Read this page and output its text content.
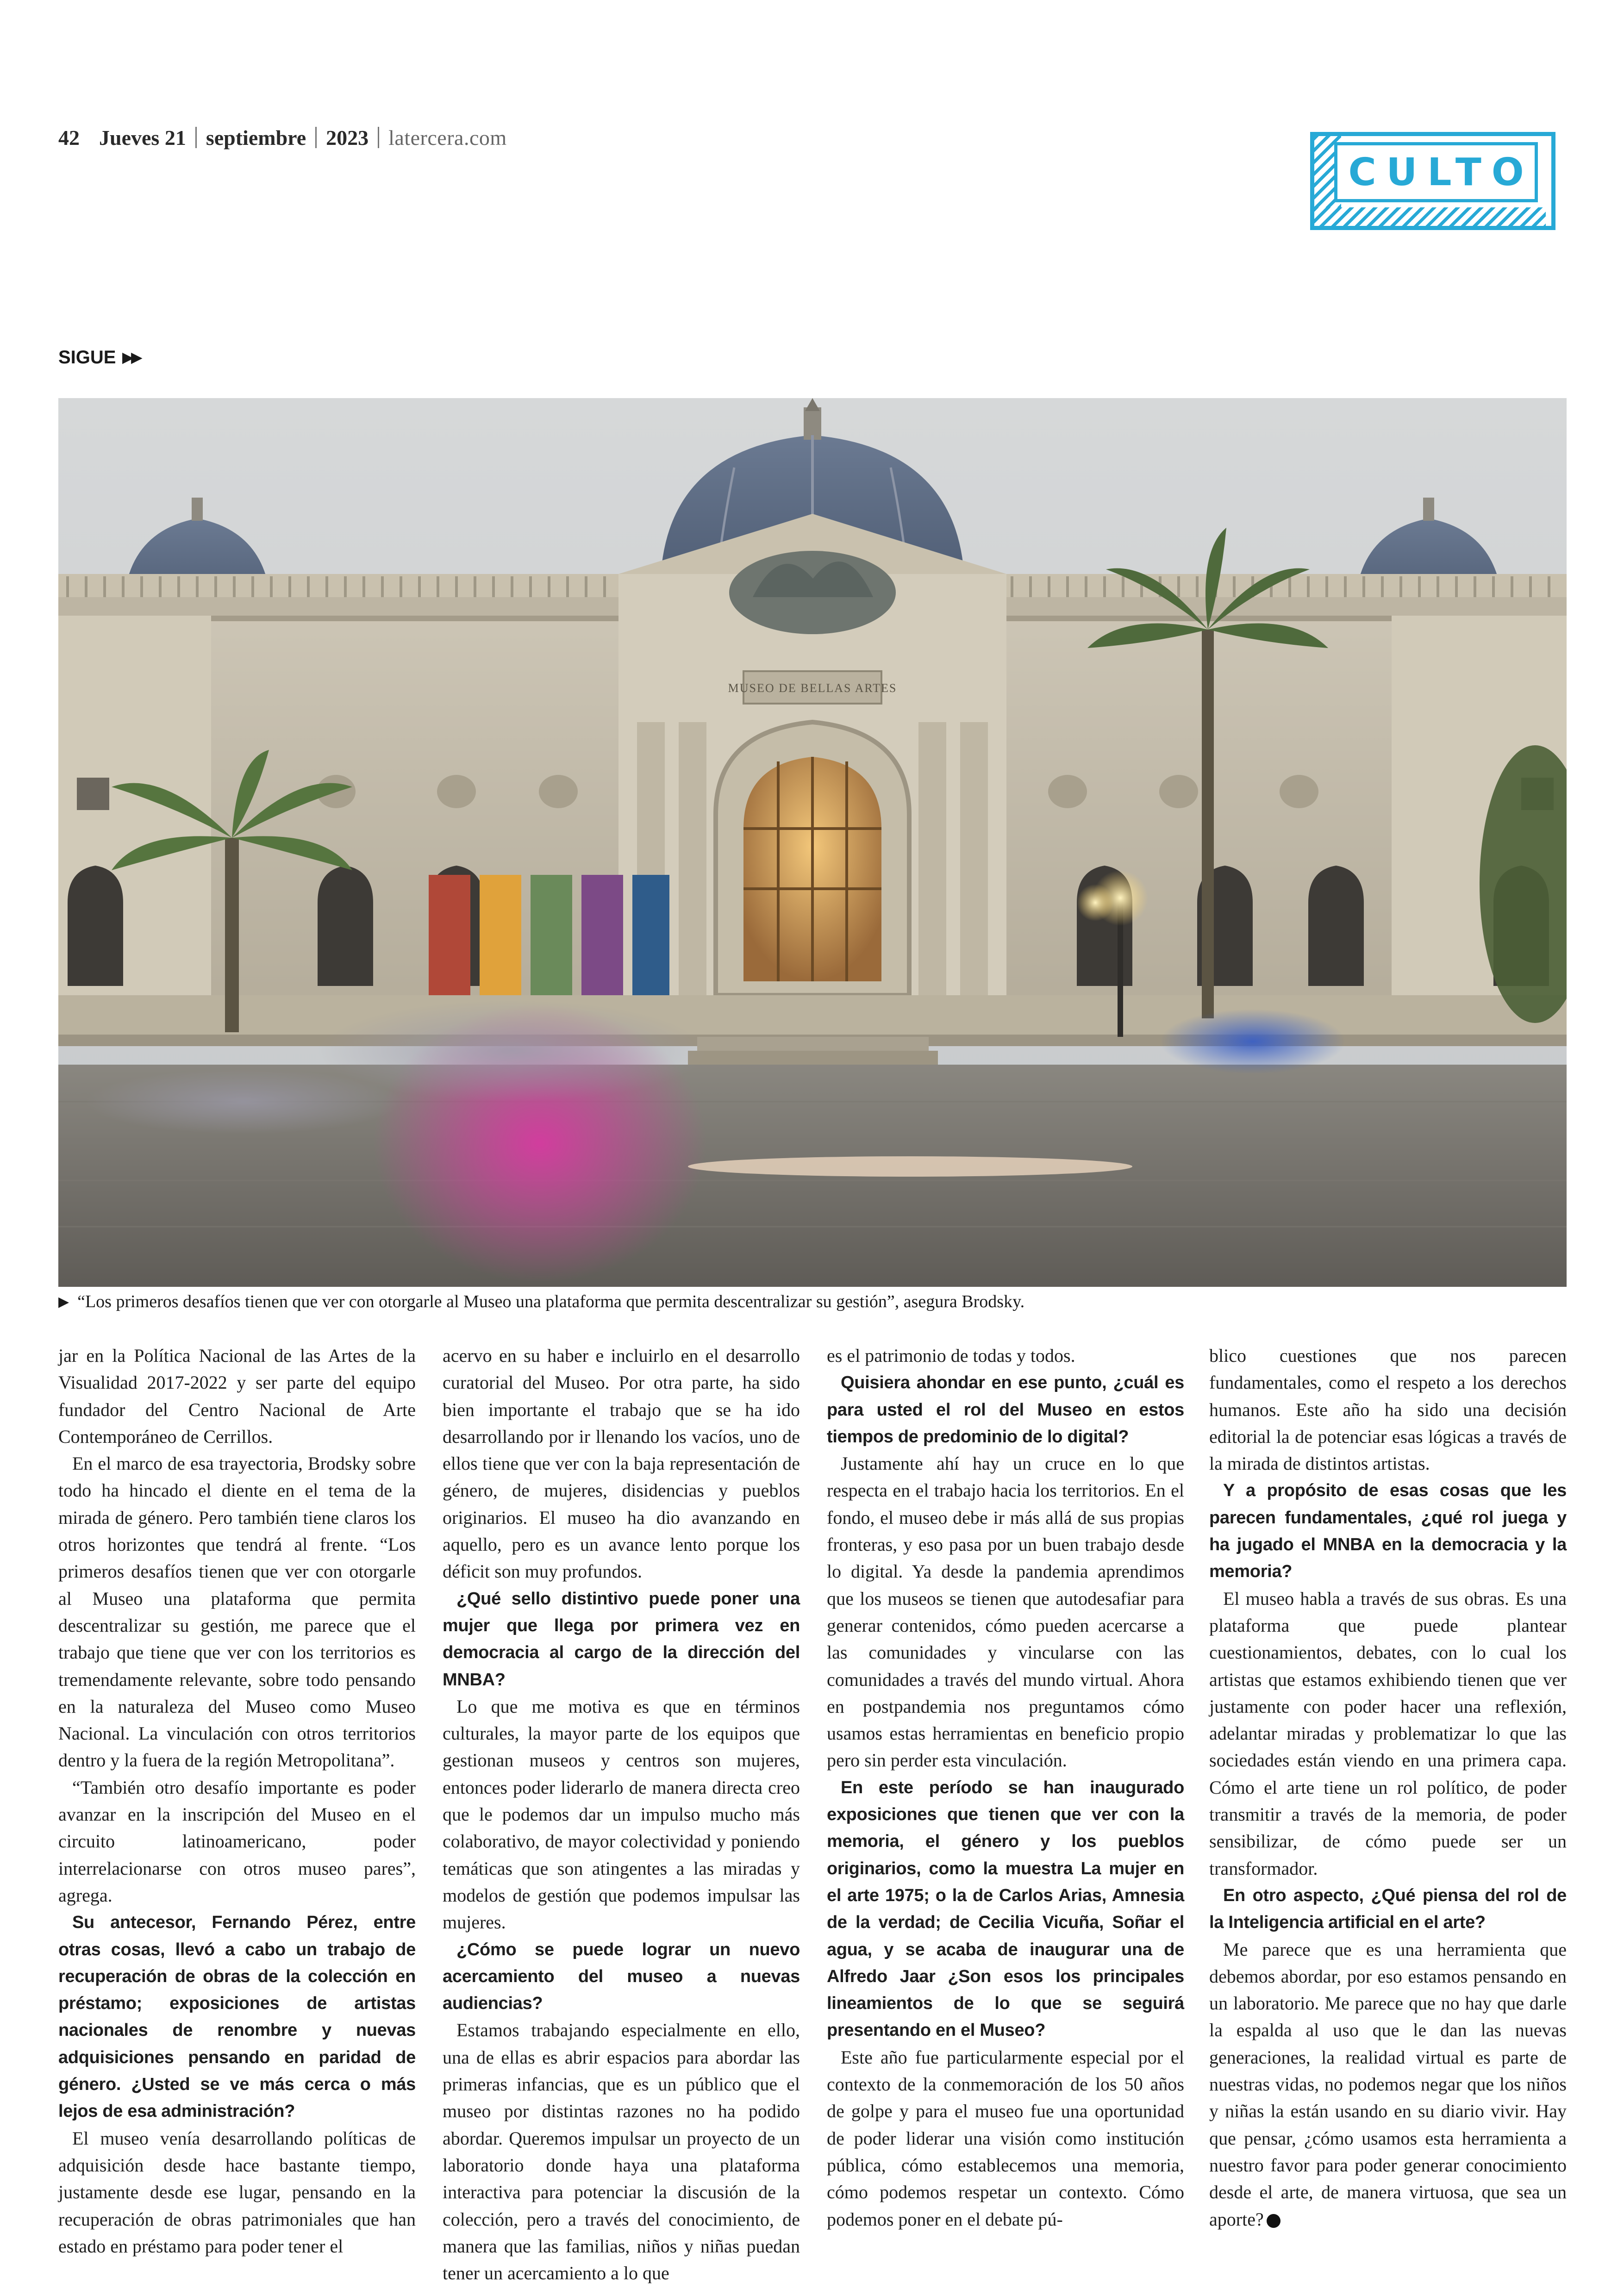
42 Jueves 21 septiembre 2023 latercera.com
CULTO
SIGUE ▶▶
MUSEO DE BELLAS ARTES
▶ “Los primeros desafíos tienen que ver con otorgarle al Museo una plataforma que permita descentralizar su gestión”, asegura Brodsky.

jar en la Política Nacional de las Artes de la Visualidad 2017-2022 y ser parte del equipo fundador del Centro Nacional de Arte Contemporáneo de Cerrillos.

En el marco de esa trayectoria, Brodsky sobre todo ha hincado el diente en el tema de la mirada de género. Pero también tiene claros los otros horizontes que tendrá al frente. “Los primeros desafíos tienen que ver con otorgarle al Museo una plataforma que permita descentralizar su gestión, me parece que el trabajo que tiene que ver con los territorios es tremendamente relevante, sobre todo pensando en la naturaleza del Museo como Museo Nacional. La vinculación con otros territorios dentro y la fuera de la región Metropolitana”.

“También otro desafío importante es poder avanzar en la inscripción del Museo en el circuito latinoamericano, poder interrelacionarse con otros museo pares”, agrega.

Su antecesor, Fernando Pérez, entre otras cosas, llevó a cabo un trabajo de recuperación de obras de la colección en préstamo; exposiciones de artistas nacionales de renombre y nuevas adquisiciones pensando en paridad de género. ¿Usted se ve más cerca o más lejos de esa administración?

El museo venía desarrollando políticas de adquisición desde hace bastante tiempo, justamente desde ese lugar, pensando en la recuperación de obras patrimoniales que han estado en préstamo para poder tener el

acervo en su haber e incluirlo en el desarrollo curatorial del Museo. Por otra parte, ha sido bien importante el trabajo que se ha ido desarrollando por ir llenando los vacíos, uno de ellos tiene que ver con la baja representación de género, de mujeres, disidencias y pueblos originarios. El museo ha dio avanzando en aquello, pero es un avance lento porque los déficit son muy profundos.

¿Qué sello distintivo puede poner una mujer que llega por primera vez en democracia al cargo de la dirección del MNBA?

Lo que me motiva es que en términos culturales, la mayor parte de los equipos que gestionan museos y centros son mujeres, entonces poder liderarlo de manera directa creo que le podemos dar un impulso mucho más colaborativo, de mayor colectividad y poniendo temáticas que son atingentes a las miradas y modelos de gestión que podemos impulsar las mujeres.

¿Cómo se puede lograr un nuevo acercamiento del museo a nuevas audiencias?

Estamos trabajando especialmente en ello, una de ellas es abrir espacios para abordar las primeras infancias, que es un público que el museo por distintas razones no ha podido abordar. Queremos impulsar un proyecto de un laboratorio donde haya una plataforma interactiva para potenciar la discusión de la colección, pero a través del conocimiento, de manera que las familias, niños y niñas puedan tener un acercamiento a lo que

es el patrimonio de todas y todos.

Quisiera ahondar en ese punto, ¿cuál es para usted el rol del Museo en estos tiempos de predominio de lo digital?

Justamente ahí hay un cruce en lo que respecta en el trabajo hacia los territorios. En el fondo, el museo debe ir más allá de sus propias fronteras, y eso pasa por un buen trabajo desde lo digital. Ya desde la pandemia aprendimos que los museos se tienen que autodesafiar para generar contenidos, cómo pueden acercarse a las comunidades y vincularse con las comunidades a través del mundo virtual. Ahora en postpandemia nos preguntamos cómo usamos estas herramientas en beneficio propio pero sin perder esta vinculación.

En este período se han inaugurado exposiciones que tienen que ver con la memoria, el género y los pueblos originarios, como la muestra La mujer en el arte 1975; o la de Carlos Arias, Amnesia de la verdad; de Cecilia Vicuña, Soñar el agua, y se acaba de inaugurar una de Alfredo Jaar ¿Son esos los principales lineamientos de lo que se seguirá presentando en el Museo?

Este año fue particularmente especial por el contexto de la conmemoración de los 50 años de golpe y para el museo fue una oportunidad de poder liderar una visión como institución pública, cómo establecemos una memoria, cómo podemos respetar un contexto. Cómo podemos poner en el debate pú-

blico cuestiones que nos parecen fundamentales, como el respeto a los derechos humanos. Este año ha sido una decisión editorial la de potenciar esas lógicas a través de la mirada de distintos artistas.

Y a propósito de esas cosas que les parecen fundamentales, ¿qué rol juega y ha jugado el MNBA en la democracia y la memoria?

El museo habla a través de sus obras. Es una plataforma que puede plantear cuestionamientos, debates, con lo cual los artistas que estamos exhibiendo tienen que ver justamente con poder hacer una reflexión, adelantar miradas y problematizar lo que las sociedades están viendo en una primera capa. Cómo el arte tiene un rol político, de poder transmitir a través de la memoria, de poder sensibilizar, de cómo puede ser un transformador.

En otro aspecto, ¿Qué piensa del rol de la Inteligencia artificial en el arte?

Me parece que es una herramienta que debemos abordar, por eso estamos pensando en un laboratorio. Me parece que no hay que darle la espalda al uso que le dan las nuevas generaciones, la realidad virtual es parte de nuestras vidas, no podemos negar que los niños y niñas la están usando en su diario vivir. Hay que pensar, ¿cómo usamos esta herramienta a nuestro favor para poder generar conocimiento desde el arte, de manera virtuosa, que sea un aporte?
